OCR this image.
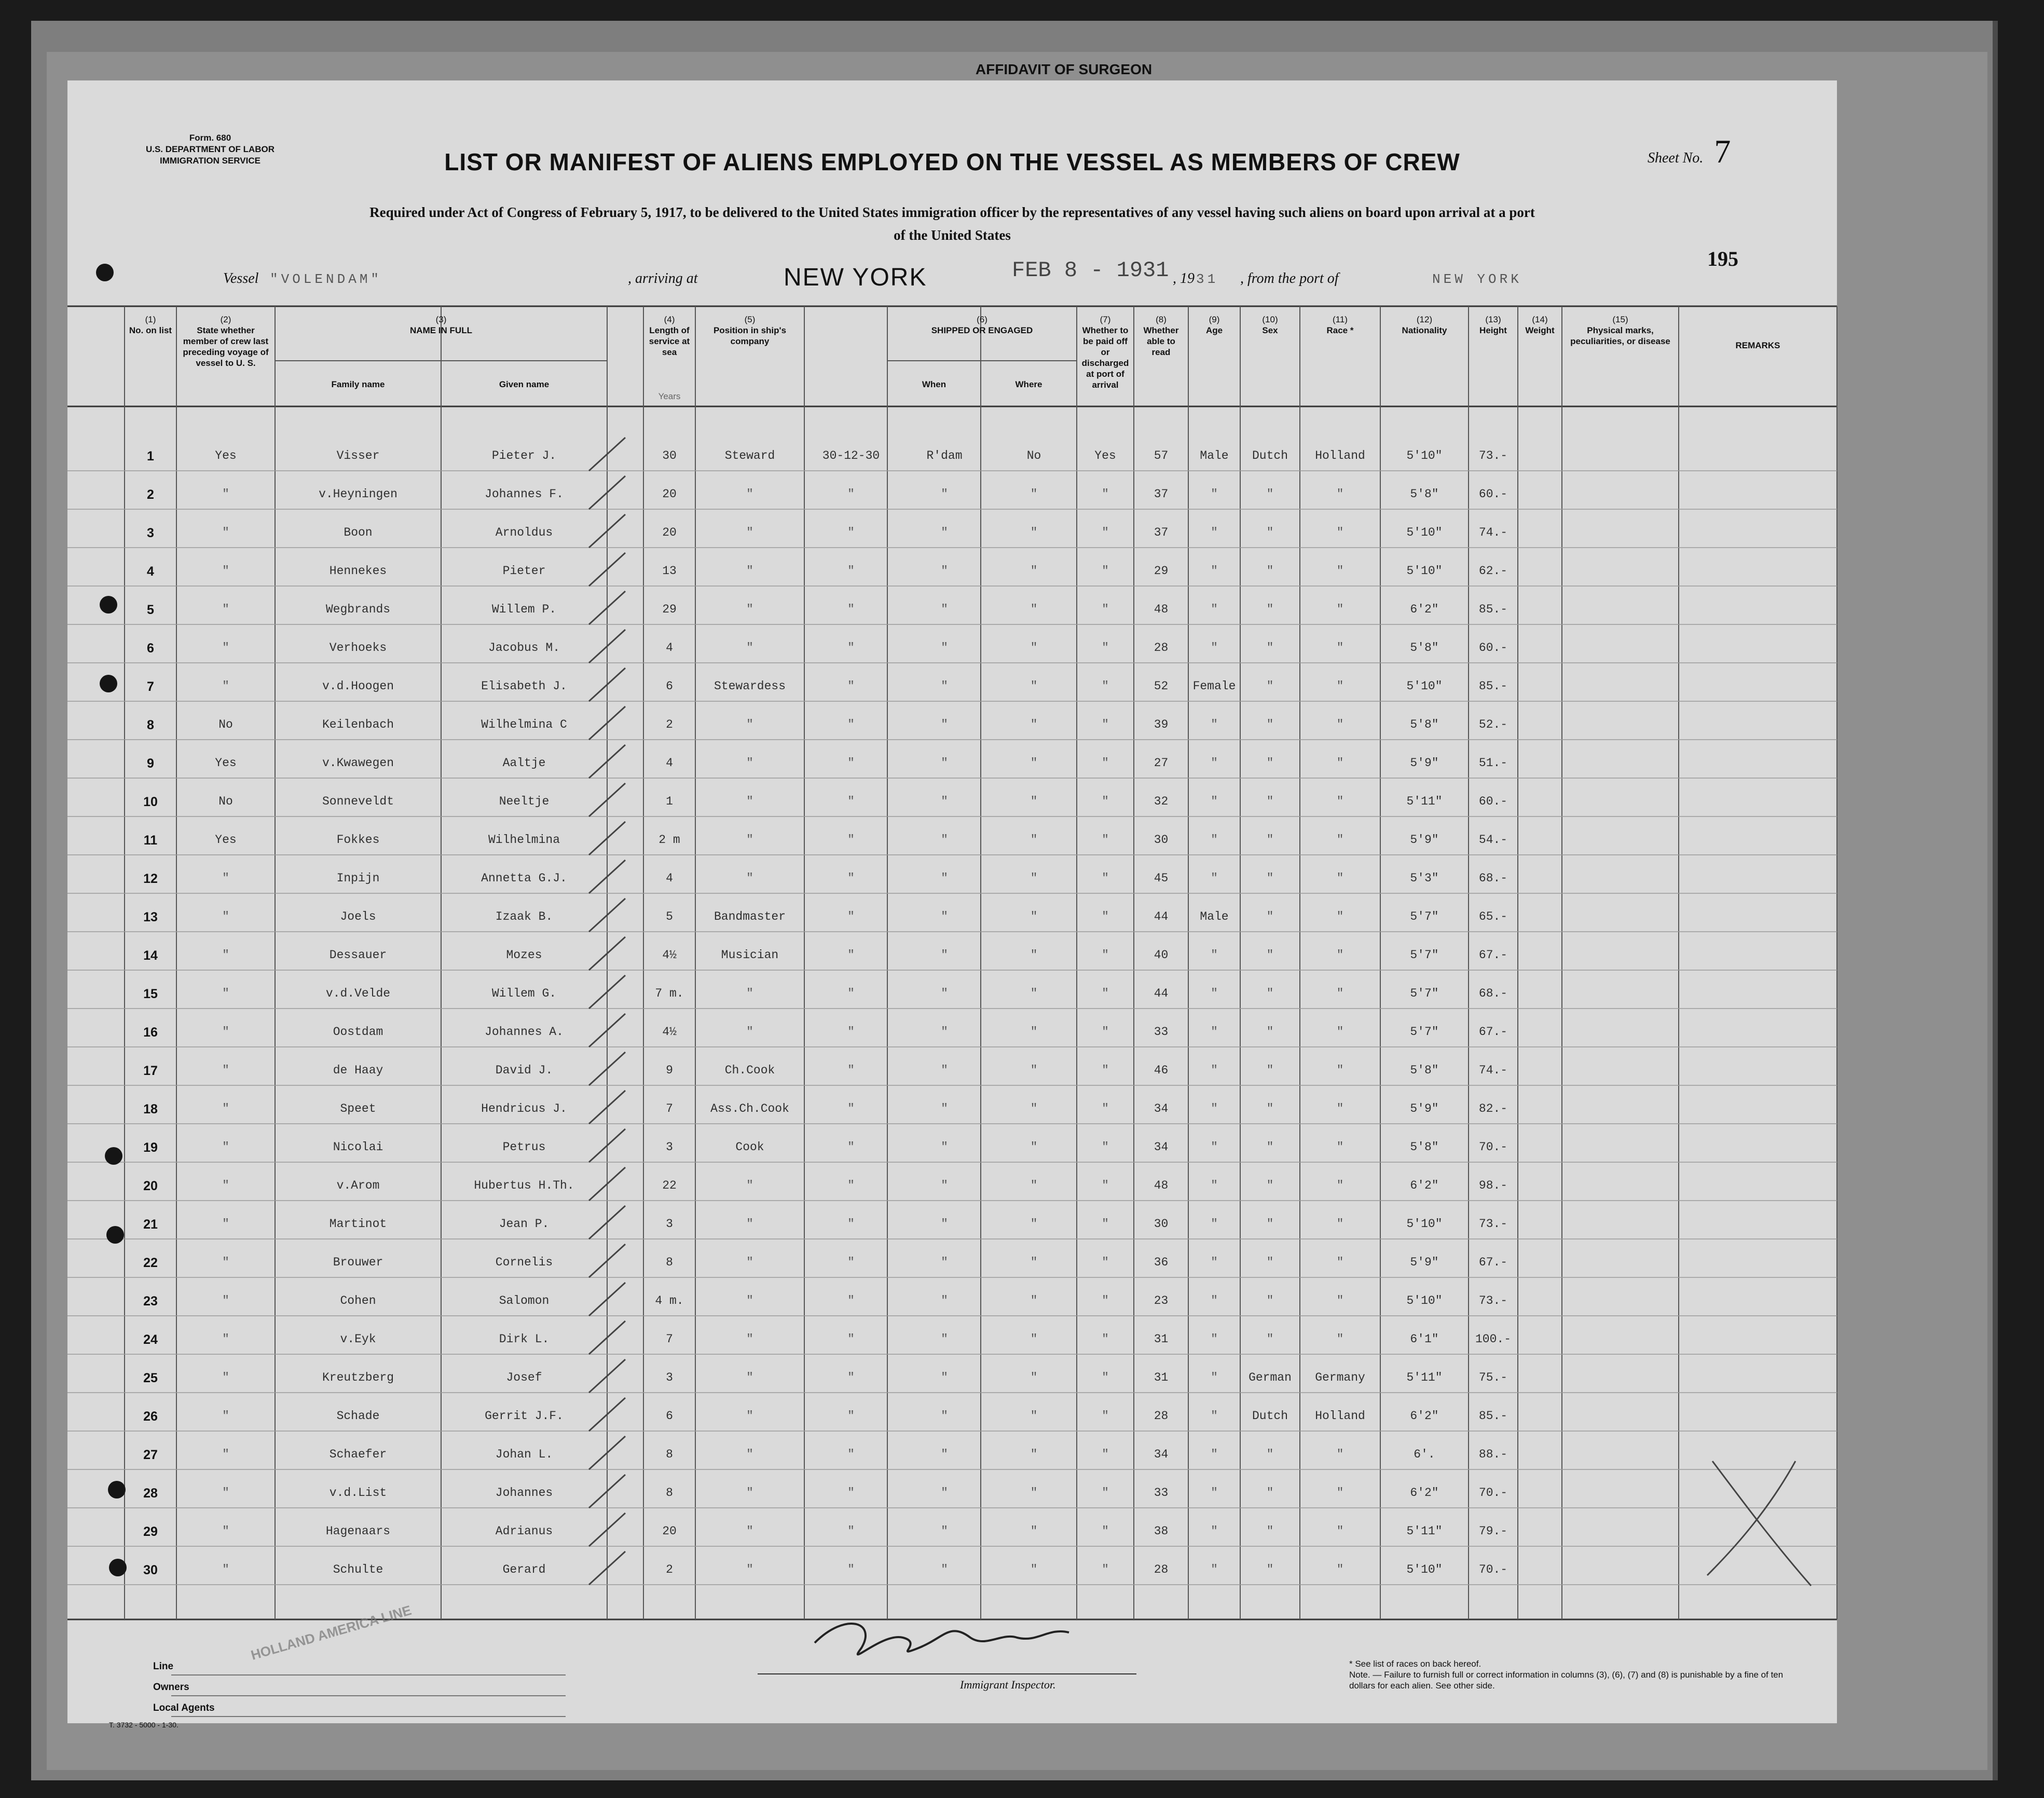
AFFIDAVIT OF SURGEON
Form. 680
U.S. DEPARTMENT OF LABOR
IMMIGRATION SERVICE	Sheet No. 7
LIST OR MANIFEST OF ALIENS EMPLOYED ON THE VESSEL AS MEMBERS OF CREW
Required under Act of Congress of February 5, 1917, to be delivered to the United States immigration officer by the representatives of any vessel having such aliens on board upon arrival at a port
of the United States
Vessel "VOLENDAM"	, arriving at	NEW YORK	FEB 8 - 1931 , 19 31 , from the port of	NEW YORK
195
(1)
No. on list
(2)
State whether member of crew last preceding voyage of vessel to U. S.
(3)
NAME IN FULL
Family name	Given name
(4)
Length of service at sea
(5)
Position in ship's company
(6)
SHIPPED OR ENGAGED
When	Where
(7)
Whether to be paid off or discharged at port of arrival
(8)
Whether able to read
(9)
Age
(10)
Sex
(11)
Race *
(12)
Nationality
(13)
Height
(14)
Weight
(15)
Physical marks, peculiarities, or disease	REMARKS
Years
1	Yes	Visser	Pieter J.	30	Steward	30-12-30	R'dam	No	Yes	57	Male	Dutch	Holland	5'10"	73.-
2	"	v.Heyningen	Johannes F.	20	"	"	"	"	"	37	"	"	"	5'8"	60.-
3	"	Boon	Arnoldus	20	"	"	"	"	"	37	"	"	"	5'10"	74.-
4	"	Hennekes	Pieter	13	"	"	"	"	"	29	"	"	"	5'10"	62.-
5	"	Wegbrands	Willem P.	29	"	"	"	"	"	48	"	"	"	6'2"	85.-
6	"	Verhoeks	Jacobus M.	4	"	"	"	"	"	28	"	"	"	5'8"	60.-
7	"	v.d.Hoogen	Elisabeth J.	6	Stewardess	"	"	"	"	52	Female	"	"	5'10"	85.-
8	No	Keilenbach	Wilhelmina C	2	"	"	"	"	"	39	"	"	"	5'8"	52.-
9	Yes	v.Kwawegen	Aaltje	4	"	"	"	"	"	27	"	"	"	5'9"	51.-
10	No	Sonneveldt	Neeltje	1	"	"	"	"	"	32	"	"	"	5'11"	60.-
11	Yes	Fokkes	Wilhelmina	2 m	"	"	"	"	"	30	"	"	"	5'9"	54.-
12	"	Inpijn	Annetta G.J.	4	"	"	"	"	"	45	"	"	"	5'3"	68.-
13	"	Joels	Izaak B.	5	Bandmaster	"	"	"	"	44	Male	"	"	5'7"	65.-
14	"	Dessauer	Mozes	4½	Musician	"	"	"	"	40	"	"	"	5'7"	67.-
15	"	v.d.Velde	Willem G.	7 m.	"	"	"	"	"	44	"	"	"	5'7"	68.-
16	"	Oostdam	Johannes A.	4½	"	"	"	"	"	33	"	"	"	5'7"	67.-
17	"	de Haay	David J.	9	Ch.Cook	"	"	"	"	46	"	"	"	5'8"	74.-
18	"	Speet	Hendricus J.	7	Ass.Ch.Cook	"	"	"	"	34	"	"	"	5'9"	82.-
19	"	Nicolai	Petrus	3	Cook	"	"	"	"	34	"	"	"	5'8"	70.-
20	"	v.Arom	Hubertus H.Th.	22	"	"	"	"	"	48	"	"	"	6'2"	98.-
21	"	Martinot	Jean P.	3	"	"	"	"	"	30	"	"	"	5'10"	73.-
22	"	Brouwer	Cornelis	8	"	"	"	"	"	36	"	"	"	5'9"	67.-
23	"	Cohen	Salomon	4 m.	"	"	"	"	"	23	"	"	"	5'10"	73.-
24	"	v.Eyk	Dirk L.	7	"	"	"	"	"	31	"	"	"	6'1"	100.-
25	"	Kreutzberg	Josef	3	"	"	"	"	"	31	"	German	Germany	5'11"	75.-
26	"	Schade	Gerrit J.F.	6	"	"	"	"	"	28	"	Dutch	Holland	6'2"	85.-
27	"	Schaefer	Johan L.	8	"	"	"	"	"	34	"	"	"	6'.	88.-
28	"	v.d.List	Johannes	8	"	"	"	"	"	33	"	"	"	6'2"	70.-
29	"	Hagenaars	Adrianus	20	"	"	"	"	"	38	"	"	"	5'11"	79.-
30	"	Schulte	Gerard	2	"	"	"	"	"	28	"	"	"	5'10"	70.-
Line
Owners
Local Agents
HOLLAND AMERICA LINE
Immigrant Inspector.
* See list of races on back hereof.
Note. — Failure to furnish full or correct information in columns (3), (6), (7) and (8) is punishable by a fine of ten dollars for each alien. See other side.
T. 3732 - 5000 - 1-30.
